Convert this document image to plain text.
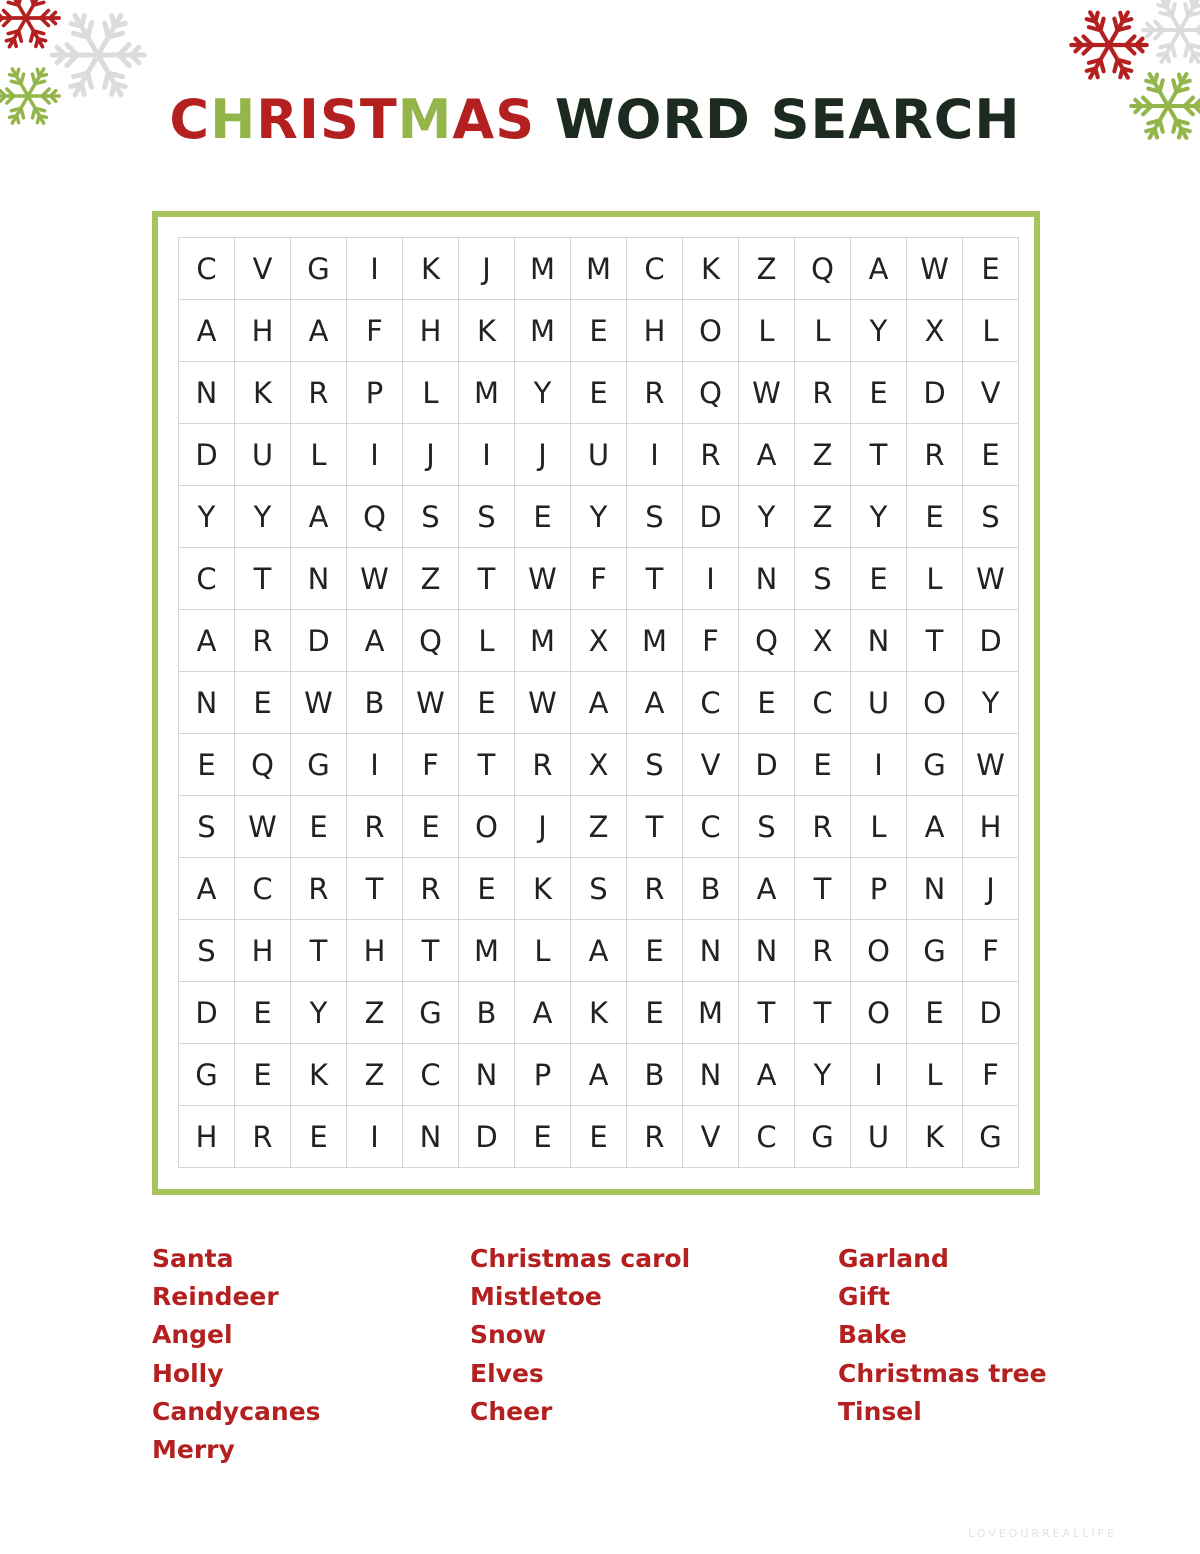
CHRISTMAS WORD SEARCH
C	V	G	I	K	J	M	M	C	K	Z	Q	A	W	E
A	H	A	F	H	K	M	E	H	O	L	L	Y	X	L
N	K	R	P	L	M	Y	E	R	Q	W	R	E	D	V
D	U	L	I	J	I	J	U	I	R	A	Z	T	R	E
Y	Y	A	Q	S	S	E	Y	S	D	Y	Z	Y	E	S
C	T	N	W	Z	T	W	F	T	I	N	S	E	L	W
A	R	D	A	Q	L	M	X	M	F	Q	X	N	T	D
N	E	W	B	W	E	W	A	A	C	E	C	U	O	Y
E	Q	G	I	F	T	R	X	S	V	D	E	I	G	W
S	W	E	R	E	O	J	Z	T	C	S	R	L	A	H
A	C	R	T	R	E	K	S	R	B	A	T	P	N	J
S	H	T	H	T	M	L	A	E	N	N	R	O	G	F
D	E	Y	Z	G	B	A	K	E	M	T	T	O	E	D
G	E	K	Z	C	N	P	A	B	N	A	Y	I	L	F
H	R	E	I	N	D	E	E	R	V	C	G	U	K	G
Santa
Reindeer
Angel
Holly
Candycanes
Merry
Christmas carol
Mistletoe
Snow
Elves
Cheer
Garland
Gift
Bake
Christmas tree
Tinsel
LOVEOURREALLIFE
